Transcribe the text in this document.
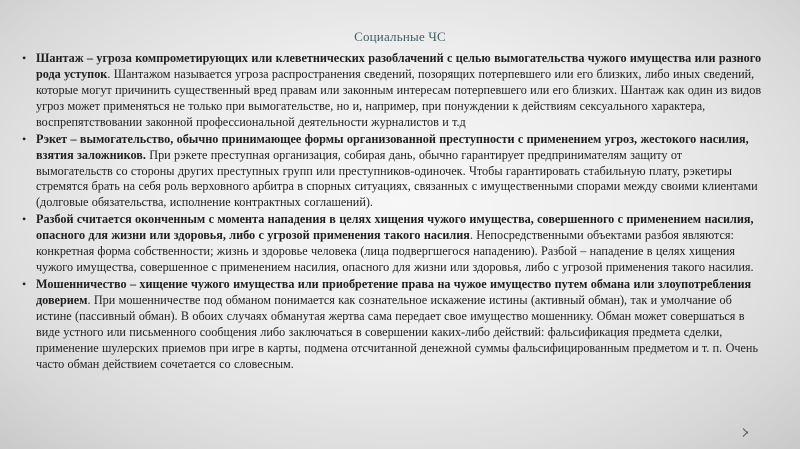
Социальные ЧС
• Шантаж – угроза компрометирующих или клеветнических разоблачений с целью вымогательства чужого имущества или разного рода уступок. Шантажом называется угроза распространения сведений, позорящих потерпевшего или его близких, либо иных сведений, которые могут причинить существенный вред правам или законным интересам потерпевшего или его близких. Шантаж как один из видов угроз может применяться не только при вымогательстве, но и, например, при понуждении к действиям сексуального характера, воспрепятствовании законной профессиональной деятельности журналистов и т.д
• Рэкет – вымогательство, обычно принимающее формы организованной преступности с применением угроз, жестокого насилия, взятия заложников. При рэкете преступная организация, собирая дань, обычно гарантирует предпринимателям защиту от вымогательств со стороны других преступных групп или преступников-одиночек. Чтобы гарантировать стабильную плату, рэкетиры стремятся брать на себя роль верховного арбитра в спорных ситуациях, связанных с имущественными спорами между своими клиентами (долговые обязательства, исполнение контрактных соглашений).
• Разбой считается оконченным с момента нападения в целях хищения чужого имущества, совершенного с применением насилия, опасного для жизни или здоровья, либо с угрозой применения такого насилия. Непосредственными объектами разбоя являются: конкретная форма собственности; жизнь и здоровье человека (лица подвергшегося нападению). Разбой – нападение в целях хищения чужого имущества, совершенное с применением насилия, опасного для жизни или здоровья, либо с угрозой применения такого насилия.
• Мошенничество – хищение чужого имущества или приобретение права на чужое имущество путем обмана или злоупотребления доверием. При мошенничестве под обманом понимается как сознательное искажение истины (активный обман), так и умолчание об истине (пассивный обман). В обоих случаях обманутая жертва сама передает свое имущество мошеннику. Обман может совершаться в виде устного или письменного сообщения либо заключаться в совершении каких-либо действий: фальсификация предмета сделки, применение шулерских приемов при игре в карты, подмена отсчитанной денежной суммы фальсифицированным предметом и т. п. Очень часто обман действием сочетается со словесным.
